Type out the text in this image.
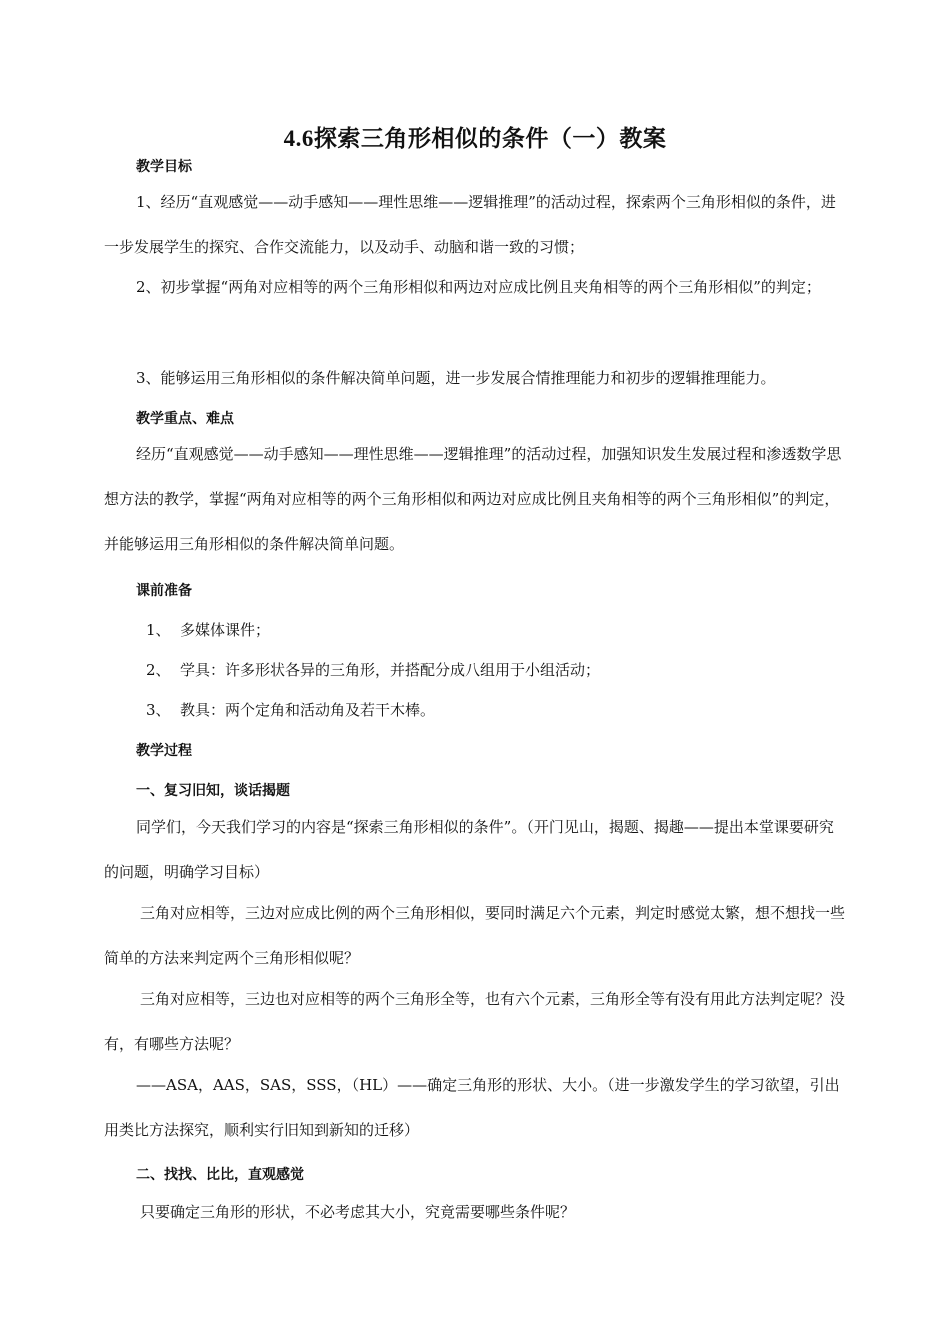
4.6探索三角形相似的条件（一）教案

教学目标

1、经历“直观感觉——动手感知——理性思维——逻辑推理”的活动过程，探索两个三角形相似的条件，进一步发展学生的探究、合作交流能力，以及动手、动脑和谐一致的习惯；

2、初步掌握“两角对应相等的两个三角形相似和两边对应成比例且夹角相等的两个三角形相似”的判定；

3、能够运用三角形相似的条件解决简单问题，进一步发展合情推理能力和初步的逻辑推理能力。

教学重点、难点

经历“直观感觉——动手感知——理性思维——逻辑推理”的活动过程，加强知识发生发展过程和渗透数学思想方法的教学，掌握“两角对应相等的两个三角形相似和两边对应成比例且夹角相等的两个三角形相似”的判定，并能够运用三角形相似的条件解决简单问题。

课前准备

1、 多媒体课件；
2、 学具：许多形状各异的三角形，并搭配分成八组用于小组活动；
3、 教具：两个定角和活动角及若干木棒。

教学过程

一、复习旧知，谈话揭题

同学们，今天我们学习的内容是“探索三角形相似的条件”。（开门见山，揭题、揭趣——提出本堂课要研究的问题，明确学习目标）

三角对应相等，三边对应成比例的两个三角形相似，要同时满足六个元素，判定时感觉太繁，想不想找一些简单的方法来判定两个三角形相似呢？

三角对应相等，三边也对应相等的两个三角形全等，也有六个元素，三角形全等有没有用此方法判定呢？没有，有哪些方法呢？

——ASA，AAS，SAS，SSS，（HL）——确定三角形的形状、大小。（进一步激发学生的学习欲望，引出用类比方法探究，顺利实行旧知到新知的迁移）

二、找找、比比，直观感觉

只要确定三角形的形状，不必考虑其大小，究竟需要哪些条件呢？
